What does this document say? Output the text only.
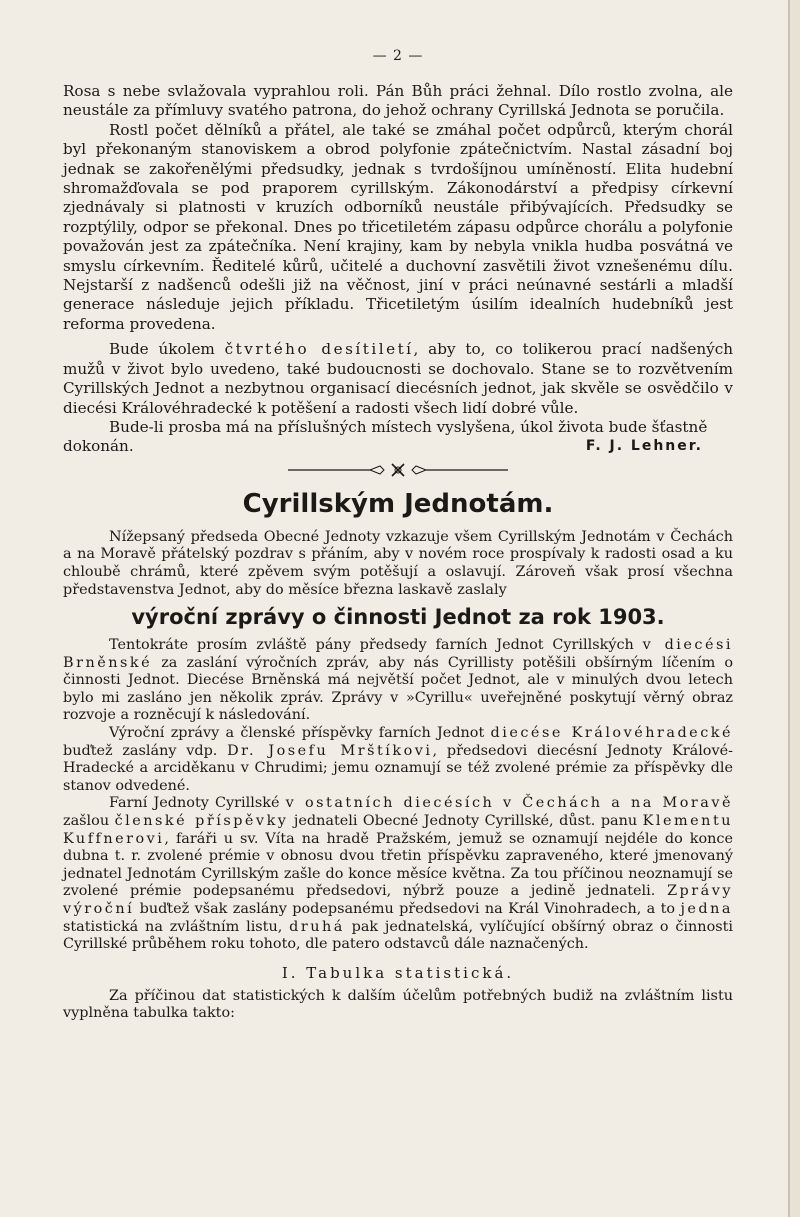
— 2 —

Rosa s nebe svlažovala vyprahlou roli. Pán Bůh práci žehnal. Dílo rostlo zvolna, ale neustále za přímluvy svatého patrona, do jehož ochrany Cyrillská Jednota se poručila.

Rostl počet dělníků a přátel, ale také se zmáhal počet odpůrců, kterým chorál byl překonaným stanoviskem a obrod polyfonie zpátečnictvím. Nastal zásadní boj jednak se zakořenělými předsudky, jednak s tvrdošíjnou umíněností. Elita hudební shromažďovala se pod praporem cyrillským. Zákonodárství a předpisy církevní zjednávaly si platnosti v kruzích odborníků neustále přibývajících. Předsudky se rozptýlily, odpor se překonal. Dnes po třicetiletém zápasu odpůrce chorálu a polyfonie považován jest za zpátečníka. Není krajiny, kam by nebyla vnikla hudba posvátná ve smyslu církevním. Ředitelé kůrů, učitelé a duchovní zasvětili život vznešenému dílu. Nejstarší z nadšenců odešli již na věčnost, jiní v práci neúnavné sestárli a mladší generace následuje jejich příkladu. Třicetiletým úsilím idealních hudebníků jest reforma provedena.

Bude úkolem čtvrtého desítiletí, aby to, co tolikerou prací nadšených mužů v život bylo uvedeno, také budoucnosti se dochovalo. Stane se to rozvětvením Cyrillských Jednot a nezbytnou organisací diecésních jednot, jak skvěle se osvědčilo v diecési Královéhradecké k potěšení a radosti všech lidí dobré vůle.

Bude-li prosba má na příslušných místech vyslyšena, úkol života bude šťastně

dokonán.	F. J. Lehner.
Cyrillským Jednotám.

Nížepsaný předseda Obecné Jednoty vzkazuje všem Cyrillským Jednotám v Čechách a na Moravě přátelský pozdrav s přáním, aby v novém roce prospívaly k radosti osad a ku chloubě chrámů, které zpěvem svým potěšují a oslavují. Zároveň však prosí všechna představenstva Jednot, aby do měsíce března laskavě zaslaly

výroční zprávy o činnosti Jednot za rok 1903.

Tentokráte prosím zvláště pány předsedy farních Jednot Cyrillských v diecési Brněnské za zaslání výročních zpráv, aby nás Cyrillisty potěšili obšírným líčením o činnosti Jednot. Diecése Brněnská má největší počet Jednot, ale v minulých dvou letech bylo mi zasláno jen několik zpráv. Zprávy v »Cyrillu« uveřejněné poskytují věrný obraz rozvoje a rozněcují k následování.

Výroční zprávy a členské příspěvky farních Jednot diecése Královéhradecké buďtež zaslány vdp. Dr. Josefu Mrštíkovi, předsedovi diecésní Jednoty Králové-Hradecké a arciděkanu v Chrudimi; jemu oznamují se též zvolené prémie za příspěvky dle stanov odvedené.

Farní Jednoty Cyrillské v ostatních diecésích v Čechách a na Moravě zašlou členské příspěvky jednateli Obecné Jednoty Cyrillské, důst. panu Klementu Kuffnerovi, faráři u sv. Víta na hradě Pražském, jemuž se oznamují nejdéle do konce dubna t. r. zvolené prémie v obnosu dvou třetin příspěvku zapraveného, které jmenovaný jednatel Jednotám Cyrillským zašle do konce měsíce května. Za tou příčinou neoznamují se zvolené prémie podepsanému předsedovi, nýbrž pouze a jedině jednateli. Zprávy výroční buďtež však zaslány podepsanému předsedovi na Král Vinohradech, a to jedna statistická na zvláštním listu, druhá pak jednatelská, vylíčující obšírný obraz o činnosti Cyrillské průběhem roku tohoto, dle patero odstavců dále naznačených.

I. Tabulka statistická.

Za příčinou dat statistických k dalším účelům potřebných budiž na zvláštním listu vyplněna tabulka takto:
